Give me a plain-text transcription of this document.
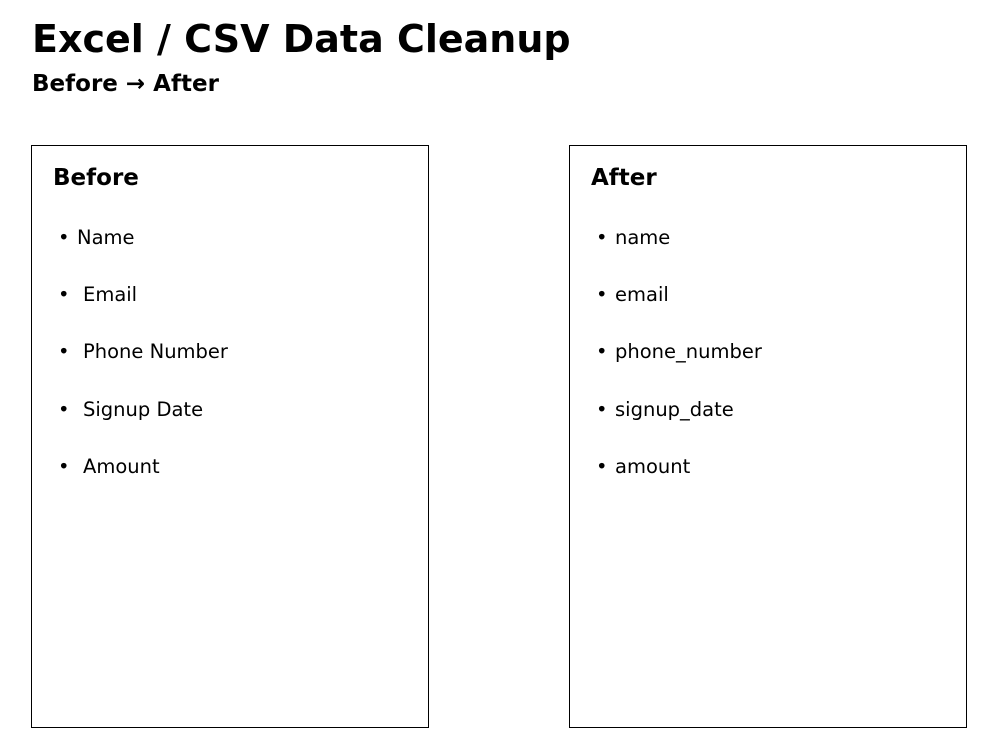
Excel / CSV Data Cleanup
Before → After
Before

•

Name

•

Email

•

Phone Number

•

Signup Date

•

Amount

After

•

name

•

email

•

phone_number

•

signup_date

•

amount
